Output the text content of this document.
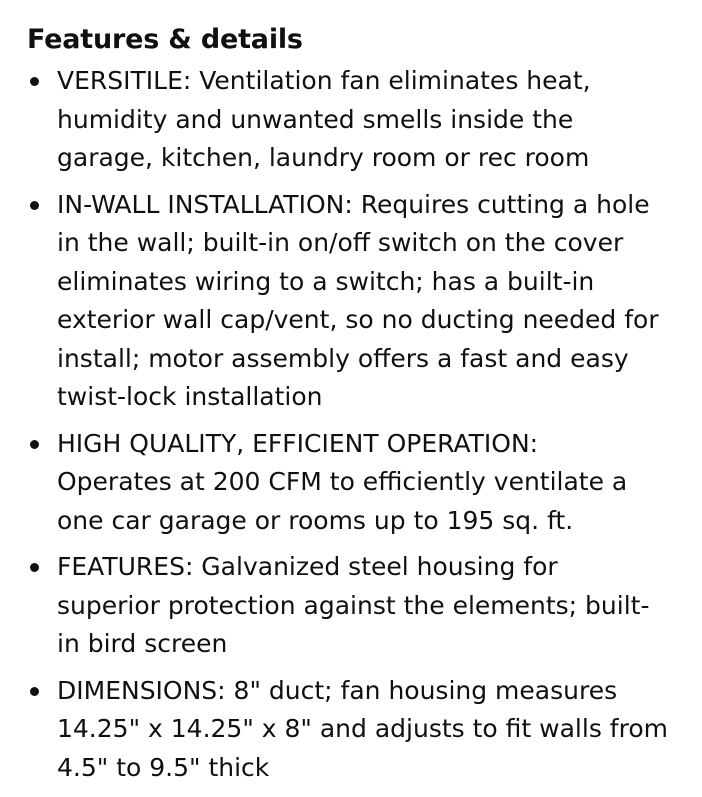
Features & details
VERSITILE: Ventilation fan eliminates heat,
humidity and unwanted smells inside the
garage, kitchen, laundry room or rec room
IN-WALL INSTALLATION: Requires cutting a hole
in the wall; built-in on/off switch on the cover
eliminates wiring to a switch; has a built-in
exterior wall cap/vent, so no ducting needed for
install; motor assembly offers a fast and easy
twist-lock installation
HIGH QUALITY, EFFICIENT OPERATION:
Operates at 200 CFM to efficiently ventilate a
one car garage or rooms up to 195 sq. ft.
FEATURES: Galvanized steel housing for
superior protection against the elements; built-
in bird screen
DIMENSIONS: 8" duct; fan housing measures
14.25" x 14.25" x 8" and adjusts to fit walls from
4.5" to 9.5" thick
